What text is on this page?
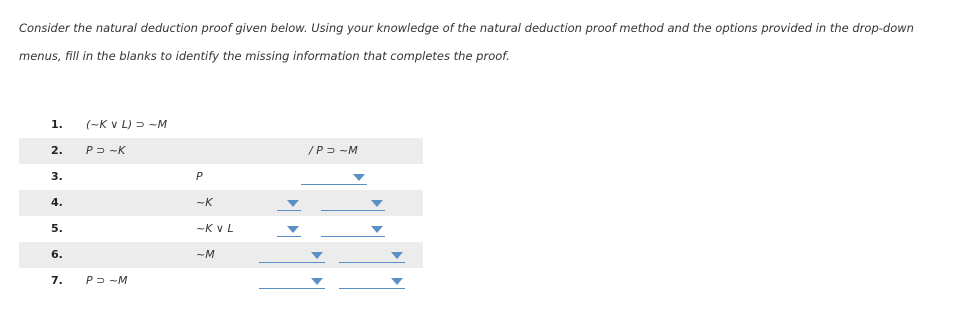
Consider the natural deduction proof given below. Using your knowledge of the natural deduction proof method and the options provided in the drop-down menus, fill in the blanks to identify the missing information that completes the proof.
1. (~K ∨ L) ⊃ ~M
2. P ⊃ ~K	/ P ⊃ ~M
3.	P
4.	~K
5.	~K ∨ L
6.	~M
7. P ⊃ ~M
